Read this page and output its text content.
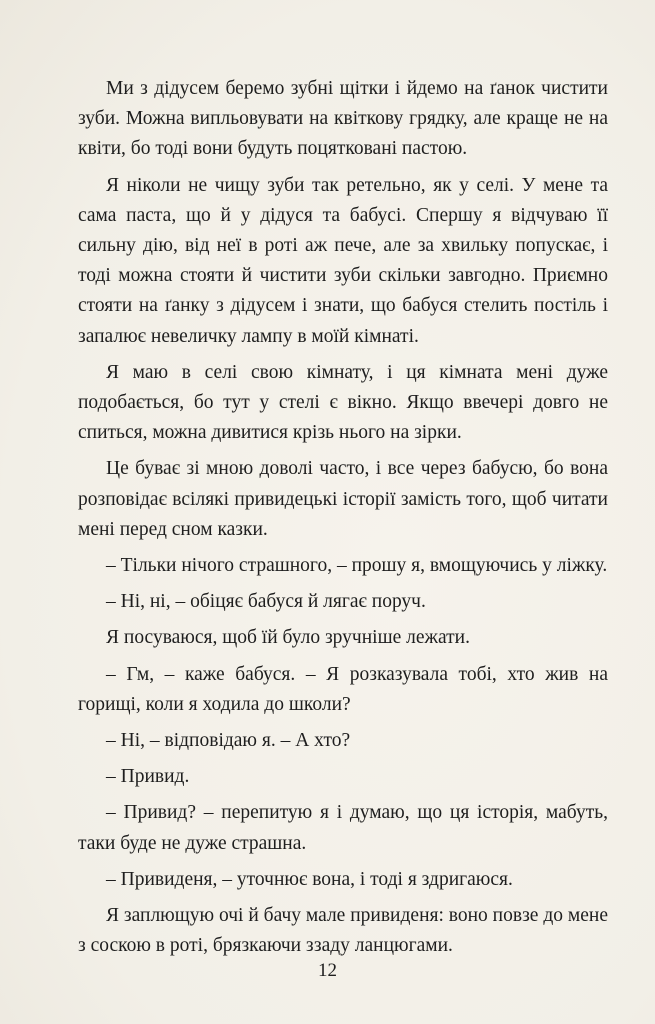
Ми з дідусем беремо зубні щітки і йдемо на ґанок чистити зуби. Можна випльовувати на квіткову грядку, але краще не на квіти, бо тоді вони будуть поцятковані пастою.

Я ніколи не чищу зуби так ретельно, як у селі. У мене та сама паста, що й у дідуся та бабусі. Спершу я відчуваю її сильну дію, від неї в роті аж пече, але за хвильку попускає, і тоді можна стояти й чистити зуби скільки завгодно. Приємно стояти на ґанку з дідусем і знати, що бабуся стелить постіль і запалює невеличку лампу в моїй кімнаті.

Я маю в селі свою кімнату, і ця кімната мені дуже подобається, бо тут у стелі є вікно. Якщо ввечері довго не спиться, можна дивитися крізь нього на зірки.

Це буває зі мною доволі часто, і все через бабусю, бо вона розповідає всілякі привидецькі історії замість того, щоб читати мені перед сном казки.

– Тільки нічого страшного, – прошу я, вмощуючись у ліжку.

– Ні, ні, – обіцяє бабуся й лягає поруч.

Я посуваюся, щоб їй було зручніше лежати.

– Гм, – каже бабуся. – Я розказувала тобі, хто жив на горищі, коли я ходила до школи?

– Ні, – відповідаю я. – А хто?

– Привид.

– Привид? – перепитую я і думаю, що ця історія, мабуть, таки буде не дуже страшна.

– Привиденя, – уточнює вона, і тоді я здригаюся.

Я заплющую очі й бачу мале привиденя: воно повзе до мене з соскою в роті, брязкаючи ззаду ланцюгами.

12
